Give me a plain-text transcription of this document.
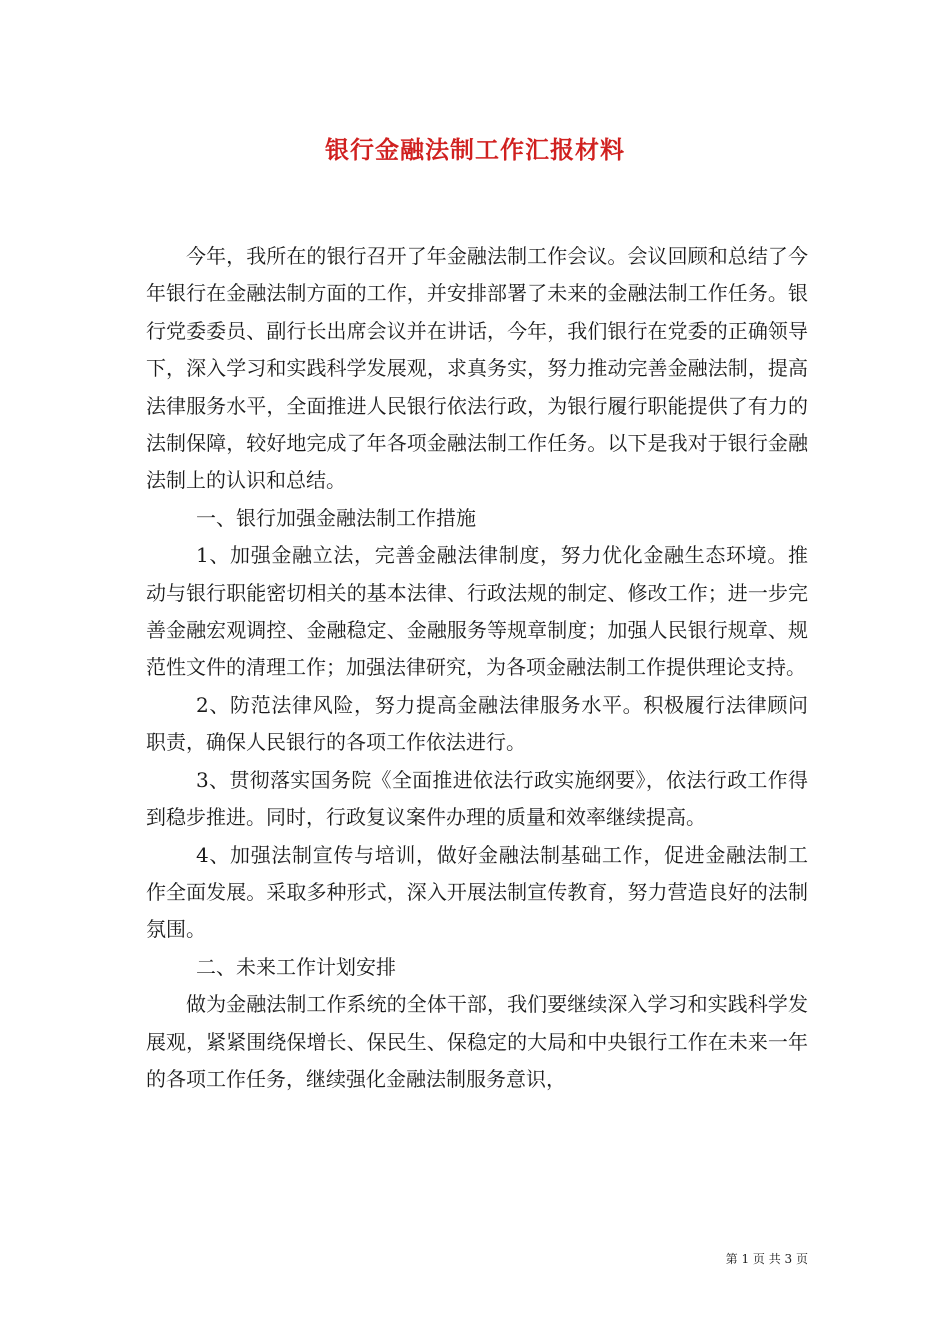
银行金融法制工作汇报材料

今年，我所在的银行召开了年金融法制工作会议。会议回顾和总结了今年银行在金融法制方面的工作，并安排部署了未来的金融法制工作任务。银行党委委员、副行长出席会议并在讲话，今年，我们银行在党委的正确领导下，深入学习和实践科学发展观，求真务实，努力推动完善金融法制，提高法律服务水平，全面推进人民银行依法行政，为银行履行职能提供了有力的法制保障，较好地完成了年各项金融法制工作任务。以下是我对于银行金融法制上的认识和总结。

一、银行加强金融法制工作措施

1、加强金融立法，完善金融法律制度，努力优化金融生态环境。推动与银行职能密切相关的基本法律、行政法规的制定、修改工作；进一步完善金融宏观调控、金融稳定、金融服务等规章制度；加强人民银行规章、规范性文件的清理工作；加强法律研究，为各项金融法制工作提供理论支持。

2、防范法律风险，努力提高金融法律服务水平。积极履行法律顾问职责，确保人民银行的各项工作依法进行。

3、贯彻落实国务院《全面推进依法行政实施纲要》，依法行政工作得到稳步推进。同时，行政复议案件办理的质量和效率继续提高。

4、加强法制宣传与培训，做好金融法制基础工作，促进金融法制工作全面发展。采取多种形式，深入开展法制宣传教育，努力营造良好的法制氛围。

二、未来工作计划安排

做为金融法制工作系统的全体干部，我们要继续深入学习和实践科学发展观，紧紧围绕保增长、保民生、保稳定的大局和中央银行工作在未来一年的各项工作任务，继续强化金融法制服务意识，

第 1 页 共 3 页
